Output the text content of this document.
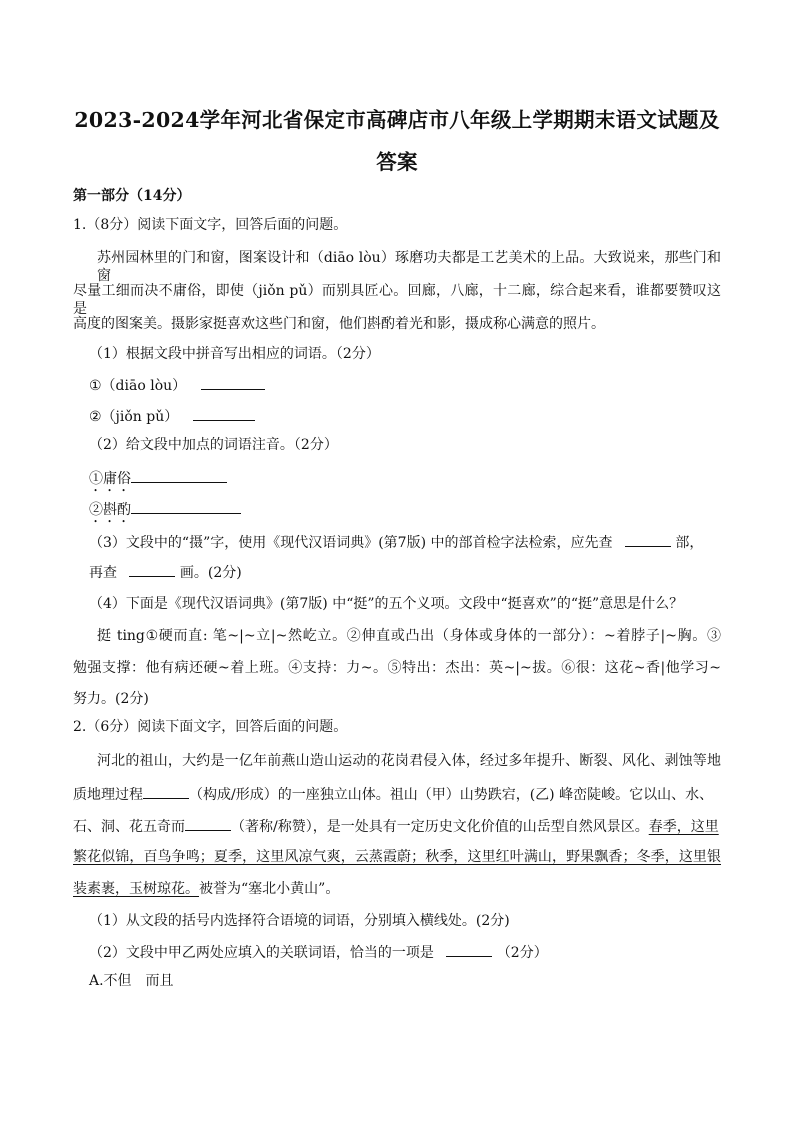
2023-2024学年河北省保定市高碑店市八年级上学期期末语文试题及
答案
第一部分（14分）
1.（8分）阅读下面文字，回答后面的问题。
苏州园林里的门和窗，图案设计和（diāo lòu）琢磨功夫都是工艺美术的上品。大致说来，那些门和窗
尽量工细而决不庸俗，即使（jiǒn pǔ）而别具匠心。回廊，八廊，十二廊，综合起来看，谁都要赞叹这是
高度的图案美。摄影家挺喜欢这些门和窗，他们斟酌着光和影，摄成称心满意的照片。
（1）根据文段中拼音写出相应的词语。（2分）
①（diāo lòu）
②（jiǒn pǔ）
（2）给文段中加点的词语注音。（2分）
①庸俗
②斟酌
（3）文段中的“摄”字，使用《现代汉语词典》(第7版) 中的部首检字法检索，应先查	部，
再查	画。(2分)
（4）下面是《现代汉语词典》(第7版) 中“挺”的五个义项。文段中“挺喜欢”的“挺”意思是什么？
挺 ting①硬而直: 笔~|~立|~然屹立。②伸直或凸出（身体或身体的一部分）：~着脖子|~胸。③
勉强支撑：他有病还硬~着上班。④支持：力~。⑤特出：杰出：英~|~拔。⑥很：这花~香|他学习~
努力。(2分)
2.（6分）阅读下面文字，回答后面的问题。
河北的祖山，大约是一亿年前燕山造山运动的花岗君侵入体，经过多年提升、断裂、风化、剥蚀等地
质地理过程	（构成/形成）的一座独立山体。祖山（甲）山势跌宕，(乙) 峰峦陡峻。它以山、水、
石、洞、花五奇而	（著称/称赞），是一处具有一定历史文化价值的山岳型自然风景区。春季，这里
繁花似锦，百鸟争鸣；夏季，这里风凉气爽，云蒸霞蔚；秋季，这里红叶满山，野果飘香；冬季，这里银
装素裹，玉树琼花。被誉为“塞北小黄山”。
（1）从文段的括号内选择符合语境的词语，分别填入横线处。(2分)
（2）文段中甲乙两处应填入的关联词语，恰当的一项是	（2分）
A.不但　而且
